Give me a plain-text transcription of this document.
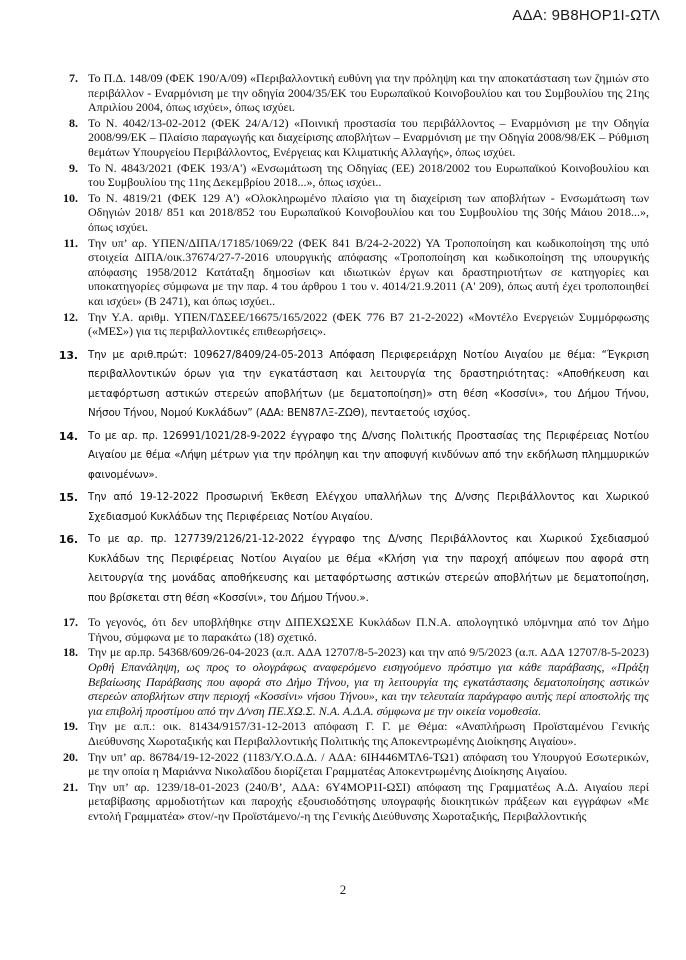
ΑΔΑ: 9Β8ΗΟΡ1Ι-ΩΤΛ
7. Το Π.Δ. 148/09 (ΦΕΚ 190/Α/09) «Περιβαλλοντική ευθύνη για την πρόληψη και την αποκατάσταση των ζημιών στο περιβάλλον - Εναρμόνιση με την οδηγία 2004/35/ΕΚ του Ευρωπαϊκού Κοινοβουλίου και του Συμβουλίου της 21ης Απριλίου 2004, όπως ισχύει», όπως ισχύει.
8. Το Ν. 4042/13-02-2012 (ΦΕΚ 24/Α/12) «Ποινική προστασία του περιβάλλοντος – Εναρμόνιση με την Οδηγία 2008/99/ΕΚ – Πλαίσιο παραγωγής και διαχείρισης αποβλήτων – Εναρμόνιση με την Οδηγία 2008/98/ΕΚ – Ρύθμιση θεμάτων Υπουργείου Περιβάλλοντος, Ενέργειας και Κλιματικής Αλλαγής», όπως ισχύει.
9. Το Ν. 4843/2021 (ΦΕΚ 193/Α') «Ενσωμάτωση της Οδηγίας (ΕΕ) 2018/2002 του Ευρωπαϊκού Κοινοβουλίου και του Συμβουλίου της 11ης Δεκεμβρίου 2018...», όπως ισχύει..
10. Το Ν. 4819/21 (ΦΕΚ 129 Α') «Ολοκληρωμένο πλαίσιο για τη διαχείριση των αποβλήτων - Ενσωμάτωση των Οδηγιών 2018/ 851 και 2018/852 του Ευρωπαϊκού Κοινοβουλίου και του Συμβουλίου της 30ής Μάιου 2018...», όπως ισχύει.
11. Την υπ’ αρ. ΥΠΕΝ/ΔΙΠΑ/17185/1069/22 (ΦΕΚ 841 Β/24-2-2022) ΥΑ Τροποποίηση και κωδικοποίηση της υπό στοιχεία ΔΙΠΑ/οικ.37674/27-7-2016 υπουργικής απόφασης «Τροποποίηση και κωδικοποίηση της υπουργικής απόφασης 1958/2012 Κατάταξη δημοσίων και ιδιωτικών έργων και δραστηριοτήτων σε κατηγορίες και υποκατηγορίες σύμφωνα με την παρ. 4 του άρθρου 1 του ν. 4014/21.9.2011 (Α' 209), όπως αυτή έχει τροποποιηθεί και ισχύει» (Β 2471), και όπως ισχύει..
12. Την Υ.Α. αριθμ. ΥΠΕΝ/ΓΔΣΕΕ/16675/165/2022 (ΦΕΚ 776 Β7 21-2-2022) «Μοντέλο Ενεργειών Συμμόρφωσης («ΜΕΣ») για τις περιβαλλοντικές επιθεωρήσεις».
13. Την με αριθ.πρώτ: 109627/8409/24-05-2013 Απόφαση Περιφερειάρχη Νοτίου Αιγαίου με θέμα: “Έγκριση περιβαλλοντικών όρων για την εγκατάσταση και λειτουργία της δραστηριότητας: «Αποθήκευση και μεταφόρτωση αστικών στερεών αποβλήτων (με δεματοποίηση)» στη θέση «Κοσσίνι», του Δήμου Τήνου, Νήσου Τήνου, Νομού Κυκλάδων” (ΑΔΑ: ΒΕΝ87ΛΞ-ΖΩΘ), πενταετούς ισχύος.
14. Το με αρ. πρ. 126991/1021/28-9-2022 έγγραφο της Δ/νσης Πολιτικής Προστασίας της Περιφέρειας Νοτίου Αιγαίου με θέμα «Λήψη μέτρων για την πρόληψη και την αποφυγή κινδύνων από την εκδήλωση πλημμυρικών φαινομένων».
15. Την από 19-12-2022 Προσωρινή Έκθεση Ελέγχου υπαλλήλων της Δ/νσης Περιβάλλοντος και Χωρικού Σχεδιασμού Κυκλάδων της Περιφέρειας Νοτίου Αιγαίου.
16. Το με αρ. πρ. 127739/2126/21-12-2022 έγγραφο της Δ/νσης Περιβάλλοντος και Χωρικού Σχεδιασμού Κυκλάδων της Περιφέρειας Νοτίου Αιγαίου με θέμα «Κλήση για την παροχή απόψεων που αφορά στη λειτουργία της μονάδας αποθήκευσης και μεταφόρτωσης αστικών στερεών αποβλήτων με δεματοποίηση, που βρίσκεται στη θέση «Κοσσίνι», του Δήμου Τήνου.».
17. Το γεγονός, ότι δεν υποβλήθηκε στην ΔΙΠΕΧΩΣΧΕ Κυκλάδων Π.Ν.Α. απολογητικό υπόμνημα από τον Δήμο Τήνου, σύμφωνα με το παρακάτω (18) σχετικό.
18. Την με αρ.πρ. 54368/609/26-04-2023 (α.π. ΑΔΑ 12707/8-5-2023) και την από 9/5/2023 (α.π. ΑΔΑ 12707/8-5-2023) Ορθή Επανάληψη, ως προς το ολογράφως αναφερόμενο εισηγούμενο πρόστιμο για κάθε παράβασης, «Πράξη Βεβαίωσης Παράβασης που αφορά στο Δήμο Τήνου, για τη λειτουργία της εγκατάστασης δεματοποίησης αστικών στερεών αποβλήτων στην περιοχή «Κοσσίνι» νήσου Τήνου», και την τελευταία παράγραφο αυτής περί αποστολής της για επιβολή προστίμου από την Δ/νση ΠΕ.ΧΩ.Σ. Ν.Α. Α.Δ.Α. σύμφωνα με την οικεία νομοθεσία.
19. Την με α.π.: οικ. 81434/9157/31-12-2013 απόφαση Γ. Γ. με Θέμα: «Αναπλήρωση Προϊσταμένου Γενικής Διεύθυνσης Χωροταξικής και Περιβαλλοντικής Πολιτικής της Αποκεντρωμένης Διοίκησης Αιγαίου».
20. Την υπ’ αρ. 86784/19-12-2022 (1183/Υ.Ο.Δ.Δ. / ΑΔΑ: 6ΙΗ446ΜΤΛ6-ΤΩ1) απόφαση του Υπουργού Εσωτερικών, με την οποία η Μαριάννα Νικολαΐδου διορίζεται Γραμματέας Αποκεντρωμένης Διοίκησης Αιγαίου.
21. Την υπ’ αρ. 1239/18-01-2023 (240/Β’, ΑΔΑ: 6Υ4ΜΟΡ1Ι-ΩΣΙ) απόφαση της Γραμματέως Α.Δ. Αιγαίου περί μεταβίβασης αρμοδιοτήτων και παροχής εξουσιοδότησης υπογραφής διοικητικών πράξεων και εγγράφων «Με εντολή Γραμματέα» στον/-ην Προϊστάμενο/-η της Γενικής Διεύθυνσης Χωροταξικής, Περιβαλλοντικής
2
